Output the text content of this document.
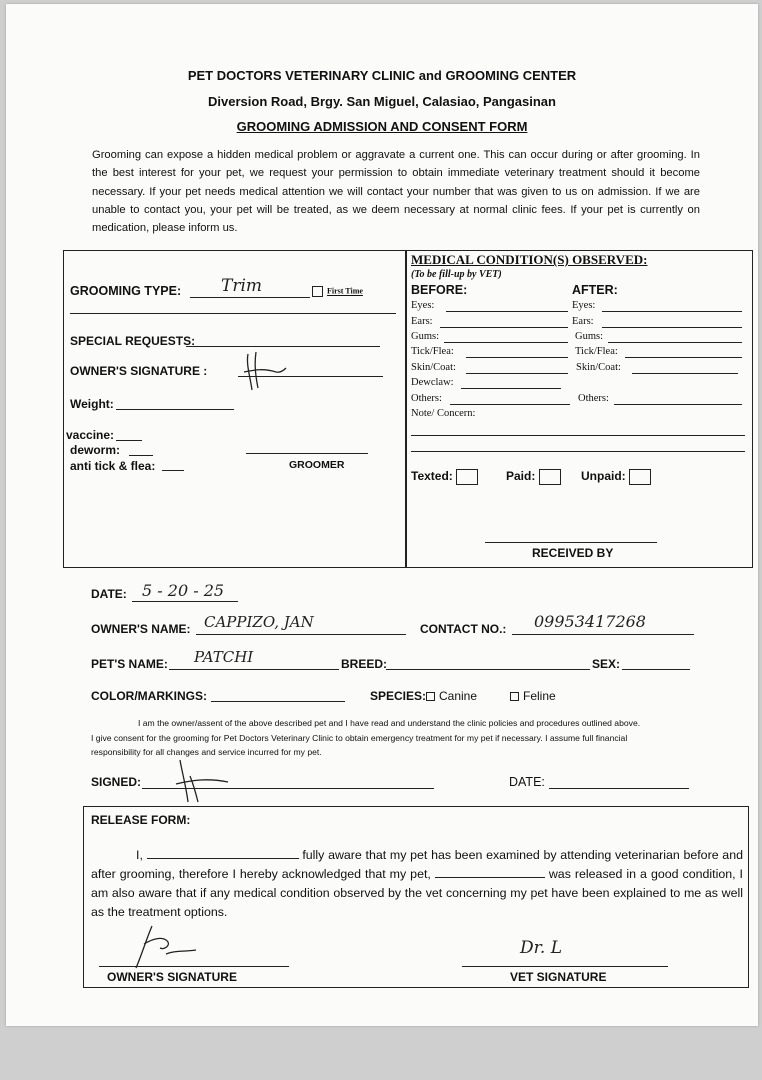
PET DOCTORS VETERINARY CLINIC and GROOMING CENTER
Diversion Road, Brgy. San Miguel, Calasiao, Pangasinan
GROOMING ADMISSION AND CONSENT FORM
Grooming can expose a hidden medical problem or aggravate a current one. This can occur during or after grooming. In the best interest for your pet, we request your permission to obtain immediate veterinary treatment should it become necessary. If your pet needs medical attention we will contact your number that was given to us on admission. If we are unable to contact you, your pet will be treated, as we deem necessary at normal clinic fees. If your pet is currently on medication, please inform us.
GROOMING TYPE: Trim	First Time
SPECIAL REQUESTS:
OWNER'S SIGNATURE :
Weight:
vaccine:
deworm:
anti tick & flea:	GROOMER
MEDICAL CONDITION(S) OBSERVED:
(To be fill-up by VET)
BEFORE:	AFTER:
Eyes:	Eyes:
Ears:	Ears:
Gums:	Gums:
Tick/Flea:	Tick/Flea:
Skin/Coat:	Skin/Coat:
Dewclaw:
Others:	Others:
Note/ Concern:
Texted:	Paid:	Unpaid:
RECEIVED BY
DATE: 5 - 20 - 25
OWNER'S NAME: CAPPIZO, JAN	CONTACT NO.: 09953417268
PET'S NAME: PATCHI	BREED:	SEX:
COLOR/MARKINGS:	SPECIES:	Canine	Feline
I am the owner/assent of the above described pet and I have read and understand the clinic policies and procedures outlined above.
I give consent for the grooming for Pet Doctors Veterinary Clinic to obtain emergency treatment for my pet if necessary. I assume full financial
responsibility for all changes and service incurred for my pet.
SIGNED:	DATE:
RELEASE FORM:
I,	fully aware that my pet has been examined by attending veterinarian before and after grooming, therefore I hereby acknowledged that my pet,	was released in a good condition, I am also aware that if any medical condition observed by the vet concerning my pet have been explained to me as well as the treatment options.
OWNER'S SIGNATURE
Dr. L
VET SIGNATURE
